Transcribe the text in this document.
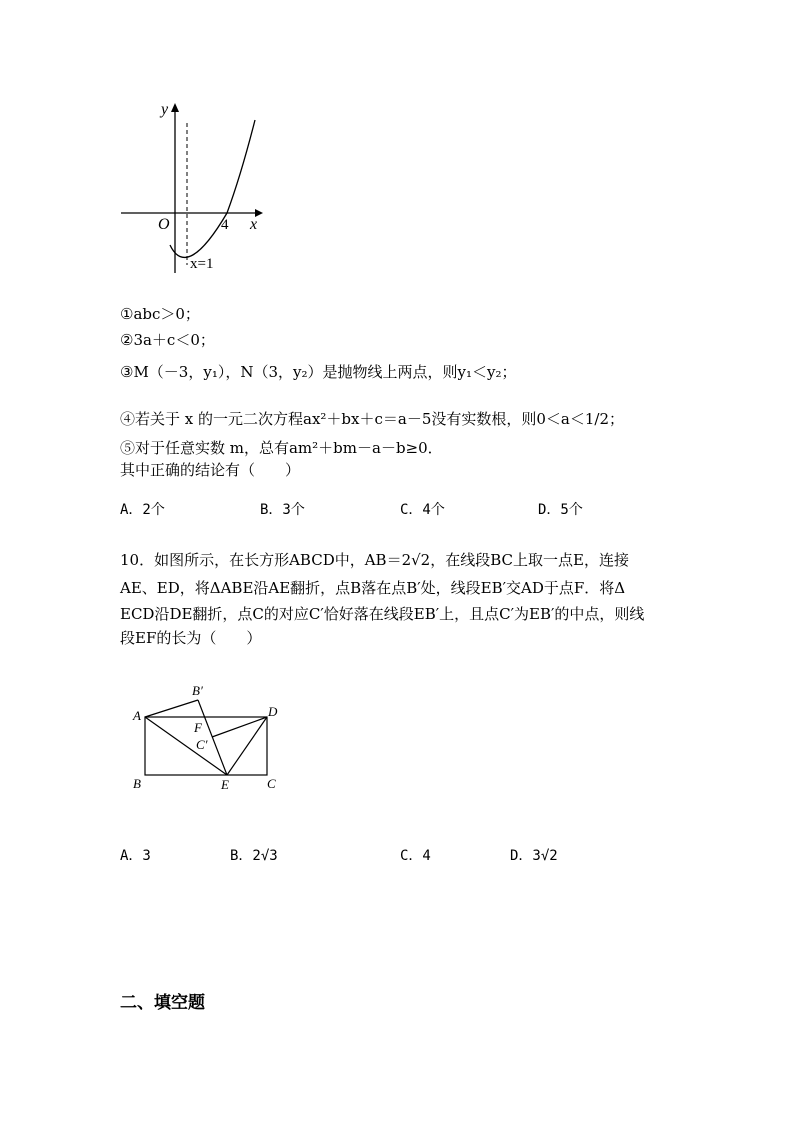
y
x
O	4
x=1
①abc＞0；
②3a＋c＜0；
③M（－3，y₁），N（3，y₂）是抛物线上两点，则y₁＜y₂；
④若关于 x 的一元二次方程ax²＋bx＋c＝a－5没有实数根，则0＜a＜1/2；
⑤对于任意实数 m，总有am²＋bm－a－b≥0．
其中正确的结论有（　　）
A．2个	B．3个	C．4个	D．5个
10．如图所示，在长方形ABCD中，AB＝2√2，在线段BC上取一点E，连接
AE、ED，将ΔABE沿AE翻折，点B落在点B′处，线段EB′交AD于点F．将Δ
ECD沿DE翻折，点C的对应C′恰好落在线段EB′上，且点C′为EB′的中点，则线
段EF的长为（　　）
A
B′
D
F
C′
B	E	C
A．3	B．2√3	C．4	D．3√2
二、填空题
